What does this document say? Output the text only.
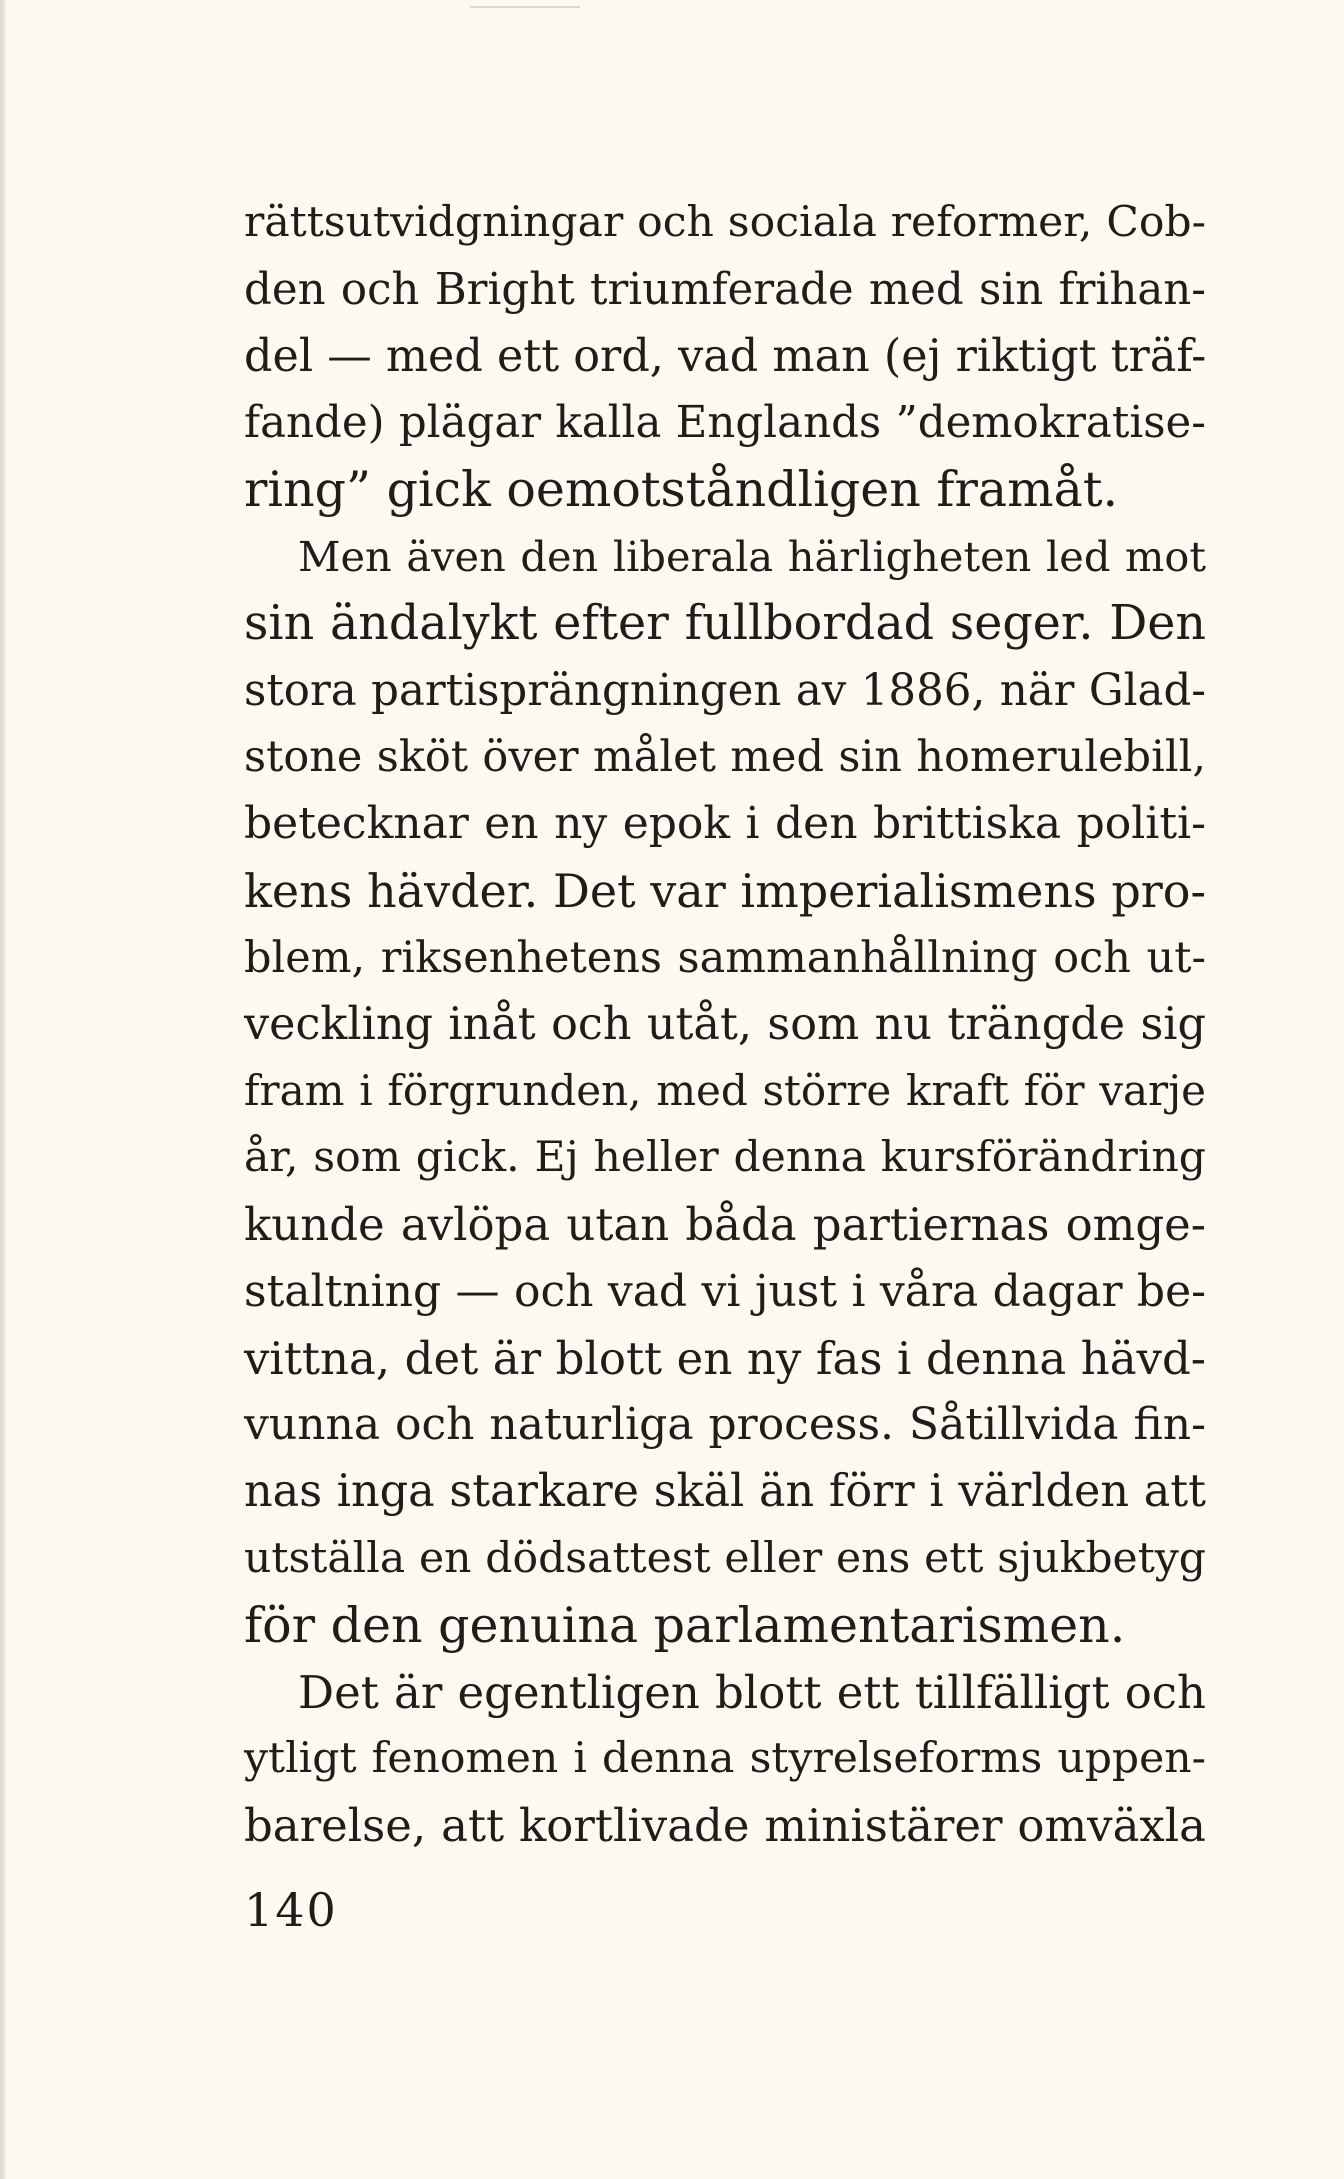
rättsutvidgningar och sociala reformer, Cob-
den och Bright triumferade med sin frihan-
del — med ett ord, vad man (ej riktigt träf-
fande) plägar kalla Englands ”demokratise-
ring” gick oemotståndligen framåt.
Men även den liberala härligheten led mot
sin ändalykt efter fullbordad seger. Den
stora partisprängningen av 1886, när Glad-
stone sköt över målet med sin homerulebill,
betecknar en ny epok i den brittiska politi-
kens hävder. Det var imperialismens pro-
blem, riksenhetens sammanhållning och ut-
veckling inåt och utåt, som nu trängde sig
fram i förgrunden, med större kraft för varje
år, som gick. Ej heller denna kursförändring
kunde avlöpa utan båda partiernas omge-
staltning — och vad vi just i våra dagar be-
vittna, det är blott en ny fas i denna hävd-
vunna och naturliga process. Såtillvida fin-
nas inga starkare skäl än förr i världen att
utställa en dödsattest eller ens ett sjukbetyg
för den genuina parlamentarismen.
Det är egentligen blott ett tillfälligt och
ytligt fenomen i denna styrelseforms uppen-
barelse, att kortlivade ministärer omväxla
140
